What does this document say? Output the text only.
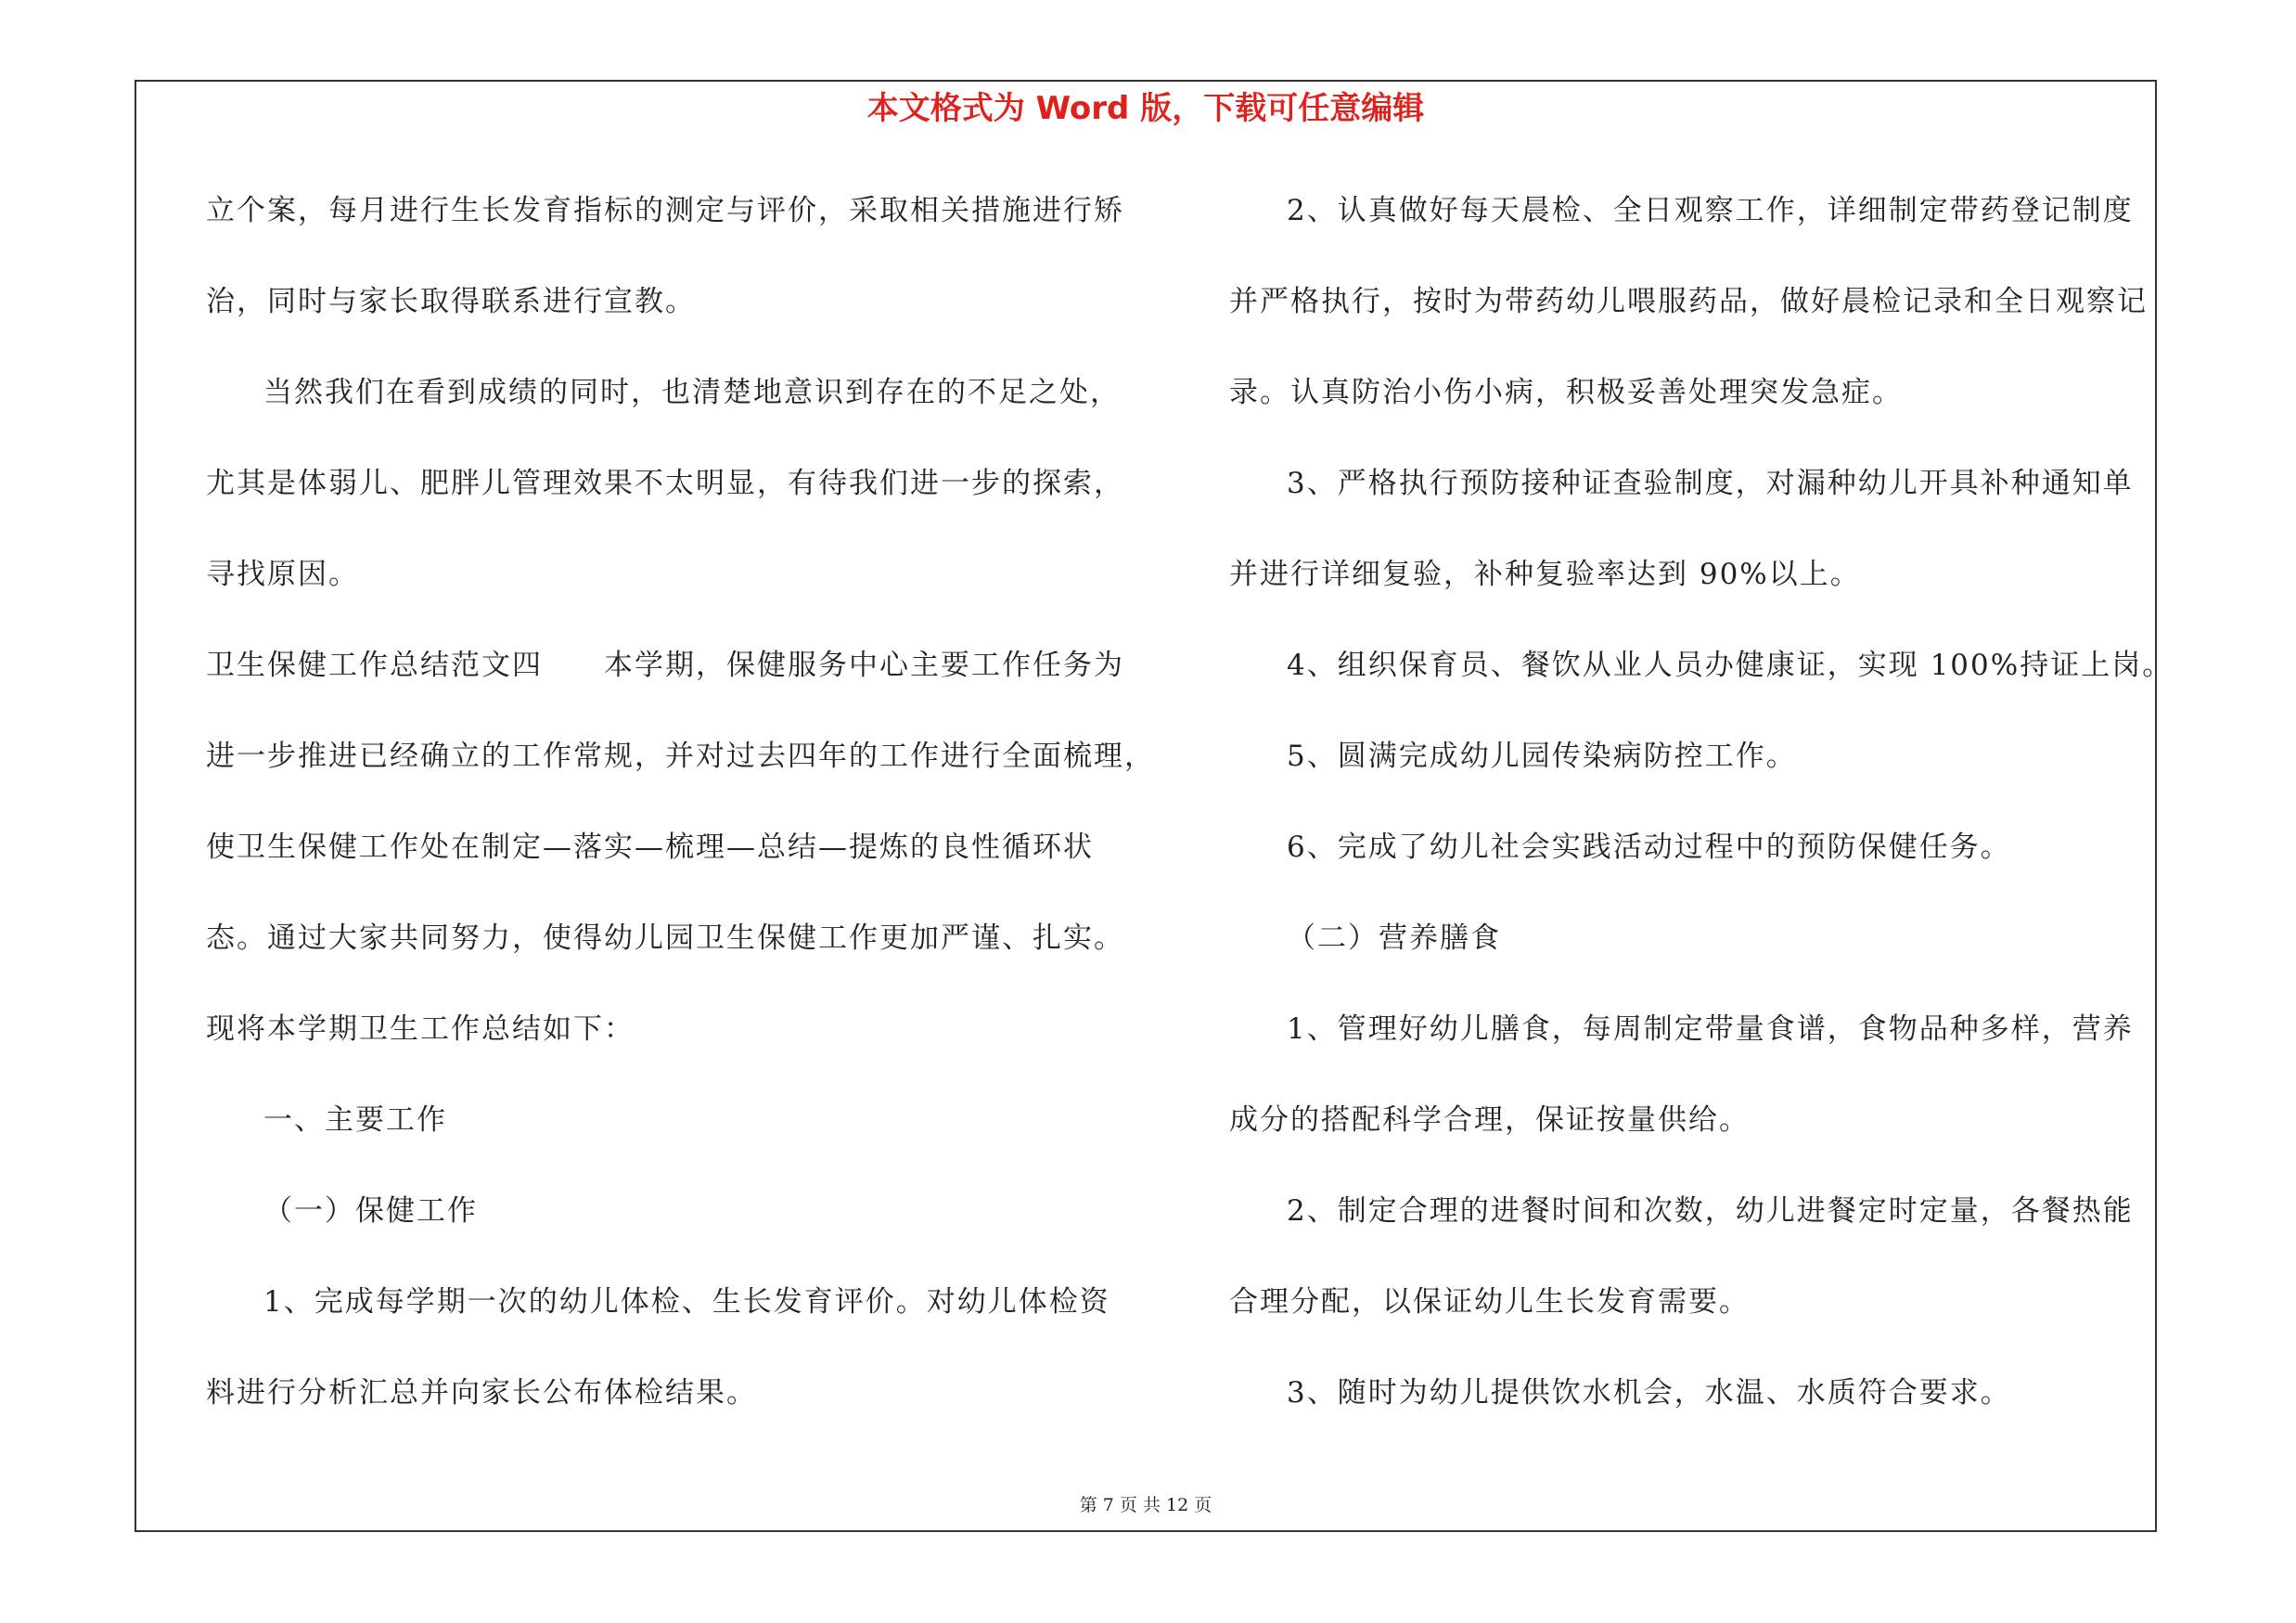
本文格式为 Word 版，下载可任意编辑
立个案，每月进行生长发育指标的测定与评价，采取相关措施进行矫
治，同时与家长取得联系进行宣教。
当然我们在看到成绩的同时，也清楚地意识到存在的不足之处，
尤其是体弱儿、肥胖儿管理效果不太明显，有待我们进一步的探索，
寻找原因。
卫生保健工作总结范文四　　本学期，保健服务中心主要工作任务为
进一步推进已经确立的工作常规，并对过去四年的工作进行全面梳理，
使卫生保健工作处在制定—落实—梳理—总结—提炼的良性循环状
态。通过大家共同努力，使得幼儿园卫生保健工作更加严谨、扎实。
现将本学期卫生工作总结如下：
一、主要工作
（一）保健工作
1、完成每学期一次的幼儿体检、生长发育评价。对幼儿体检资
料进行分析汇总并向家长公布体检结果。
2、认真做好每天晨检、全日观察工作，详细制定带药登记制度
并严格执行，按时为带药幼儿喂服药品，做好晨检记录和全日观察记
录。认真防治小伤小病，积极妥善处理突发急症。
3、严格执行预防接种证查验制度，对漏种幼儿开具补种通知单
并进行详细复验，补种复验率达到 90%以上。
4、组织保育员、餐饮从业人员办健康证，实现 100%持证上岗。
5、圆满完成幼儿园传染病防控工作。
6、完成了幼儿社会实践活动过程中的预防保健任务。
（二）营养膳食
1、管理好幼儿膳食，每周制定带量食谱，食物品种多样，营养
成分的搭配科学合理，保证按量供给。
2、制定合理的进餐时间和次数，幼儿进餐定时定量，各餐热能
合理分配，以保证幼儿生长发育需要。
3、随时为幼儿提供饮水机会，水温、水质符合要求。
第 7 页 共 12 页
